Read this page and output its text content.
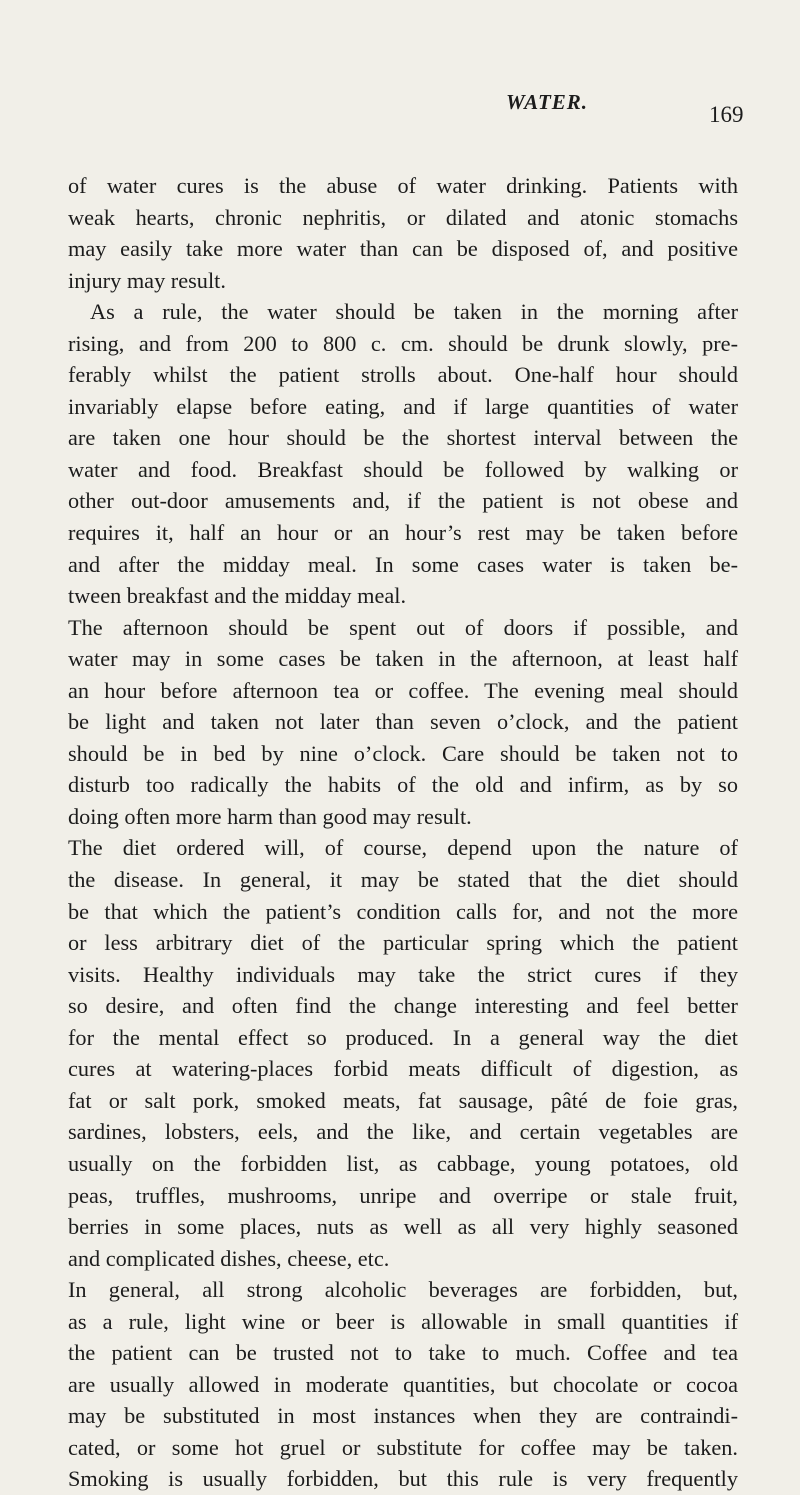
WATER.	169
of water cures is the abuse of water drinking. Patients with
weak hearts, chronic nephritis, or dilated and atonic stomachs
may easily take more water than can be disposed of, and positive
injury may result.
As a rule, the water should be taken in the morning after
rising, and from 200 to 800 c. cm. should be drunk slowly, pre-
ferably whilst the patient strolls about. One-half hour should
invariably elapse before eating, and if large quantities of water
are taken one hour should be the shortest interval between the
water and food. Breakfast should be followed by walking or
other out-door amusements and, if the patient is not obese and
requires it, half an hour or an hour’s rest may be taken before
and after the midday meal. In some cases water is taken be-
tween breakfast and the midday meal.
The afternoon should be spent out of doors if possible, and
water may in some cases be taken in the afternoon, at least half
an hour before afternoon tea or coffee. The evening meal should
be light and taken not later than seven o’clock, and the patient
should be in bed by nine o’clock. Care should be taken not to
disturb too radically the habits of the old and infirm, as by so
doing often more harm than good may result.
The diet ordered will, of course, depend upon the nature of
the disease. In general, it may be stated that the diet should
be that which the patient’s condition calls for, and not the more
or less arbitrary diet of the particular spring which the patient
visits. Healthy individuals may take the strict cures if they
so desire, and often find the change interesting and feel better
for the mental effect so produced. In a general way the diet
cures at watering-places forbid meats difficult of digestion, as
fat or salt pork, smoked meats, fat sausage, pâté de foie gras,
sardines, lobsters, eels, and the like, and certain vegetables are
usually on the forbidden list, as cabbage, young potatoes, old
peas, truffles, mushrooms, unripe and overripe or stale fruit,
berries in some places, nuts as well as all very highly seasoned
and complicated dishes, cheese, etc.
In general, all strong alcoholic beverages are forbidden, but,
as a rule, light wine or beer is allowable in small quantities if
the patient can be trusted not to take to much. Coffee and tea
are usually allowed in moderate quantities, but chocolate or cocoa
may be substituted in most instances when they are contraindi-
cated, or some hot gruel or substitute for coffee may be taken.
Smoking is usually forbidden, but this rule is very frequently
